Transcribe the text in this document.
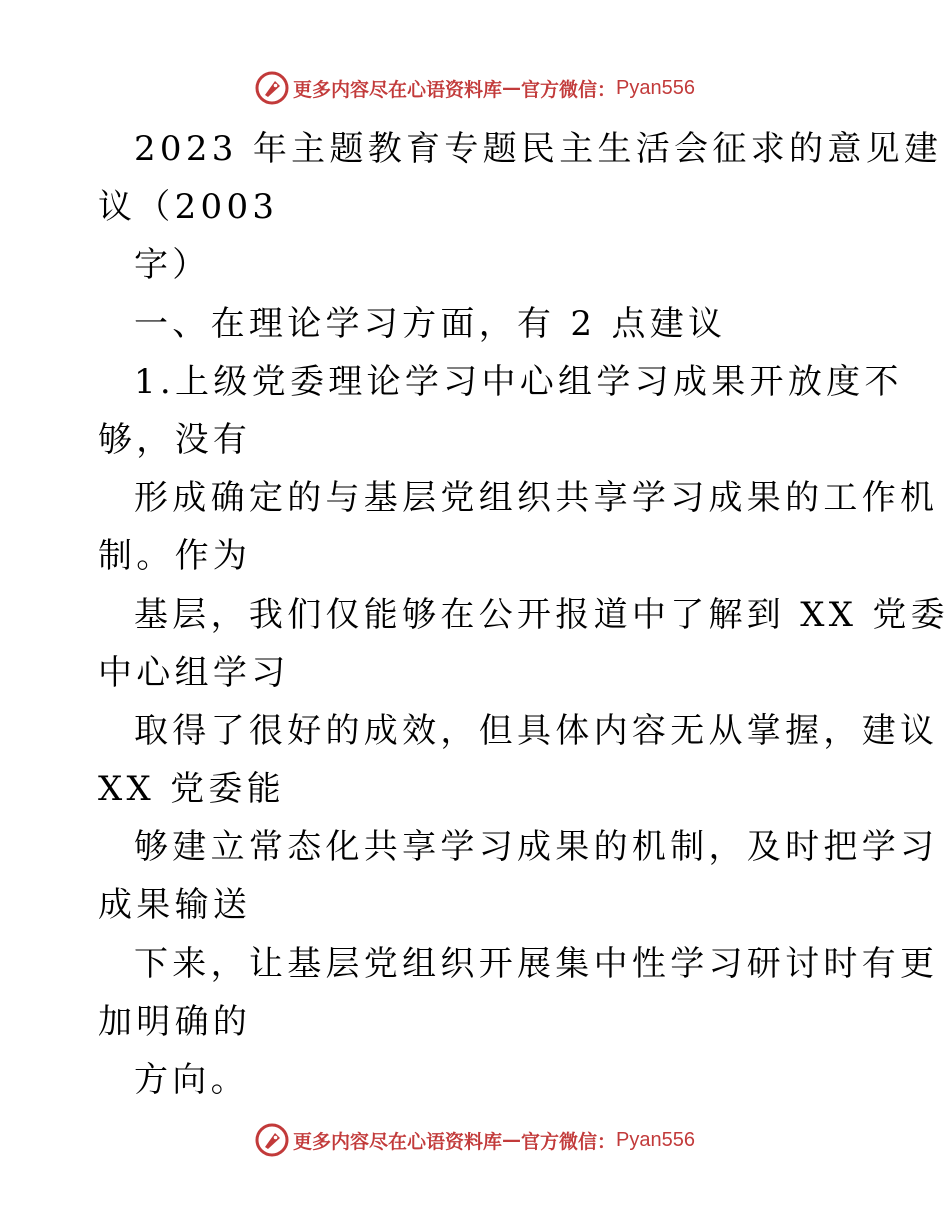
更多内容尽在心语资料库 — 官方微信： Pyan556
2023 年主题教育专题民主生活会征求的意见建
议（2003
字）
一、在理论学习方面，有 2 点建议
1.上级党委理论学习中心组学习成果开放度不
够，没有
形成确定的与基层党组织共享学习成果的工作机
制。作为
基层，我们仅能够在公开报道中了解到 XX 党委
中心组学习
取得了很好的成效，但具体内容无从掌握，建议
XX 党委能
够建立常态化共享学习成果的机制，及时把学习
成果输送
下来，让基层党组织开展集中性学习研讨时有更
加明确的
方向。
更多内容尽在心语资料库 — 官方微信： Pyan556
